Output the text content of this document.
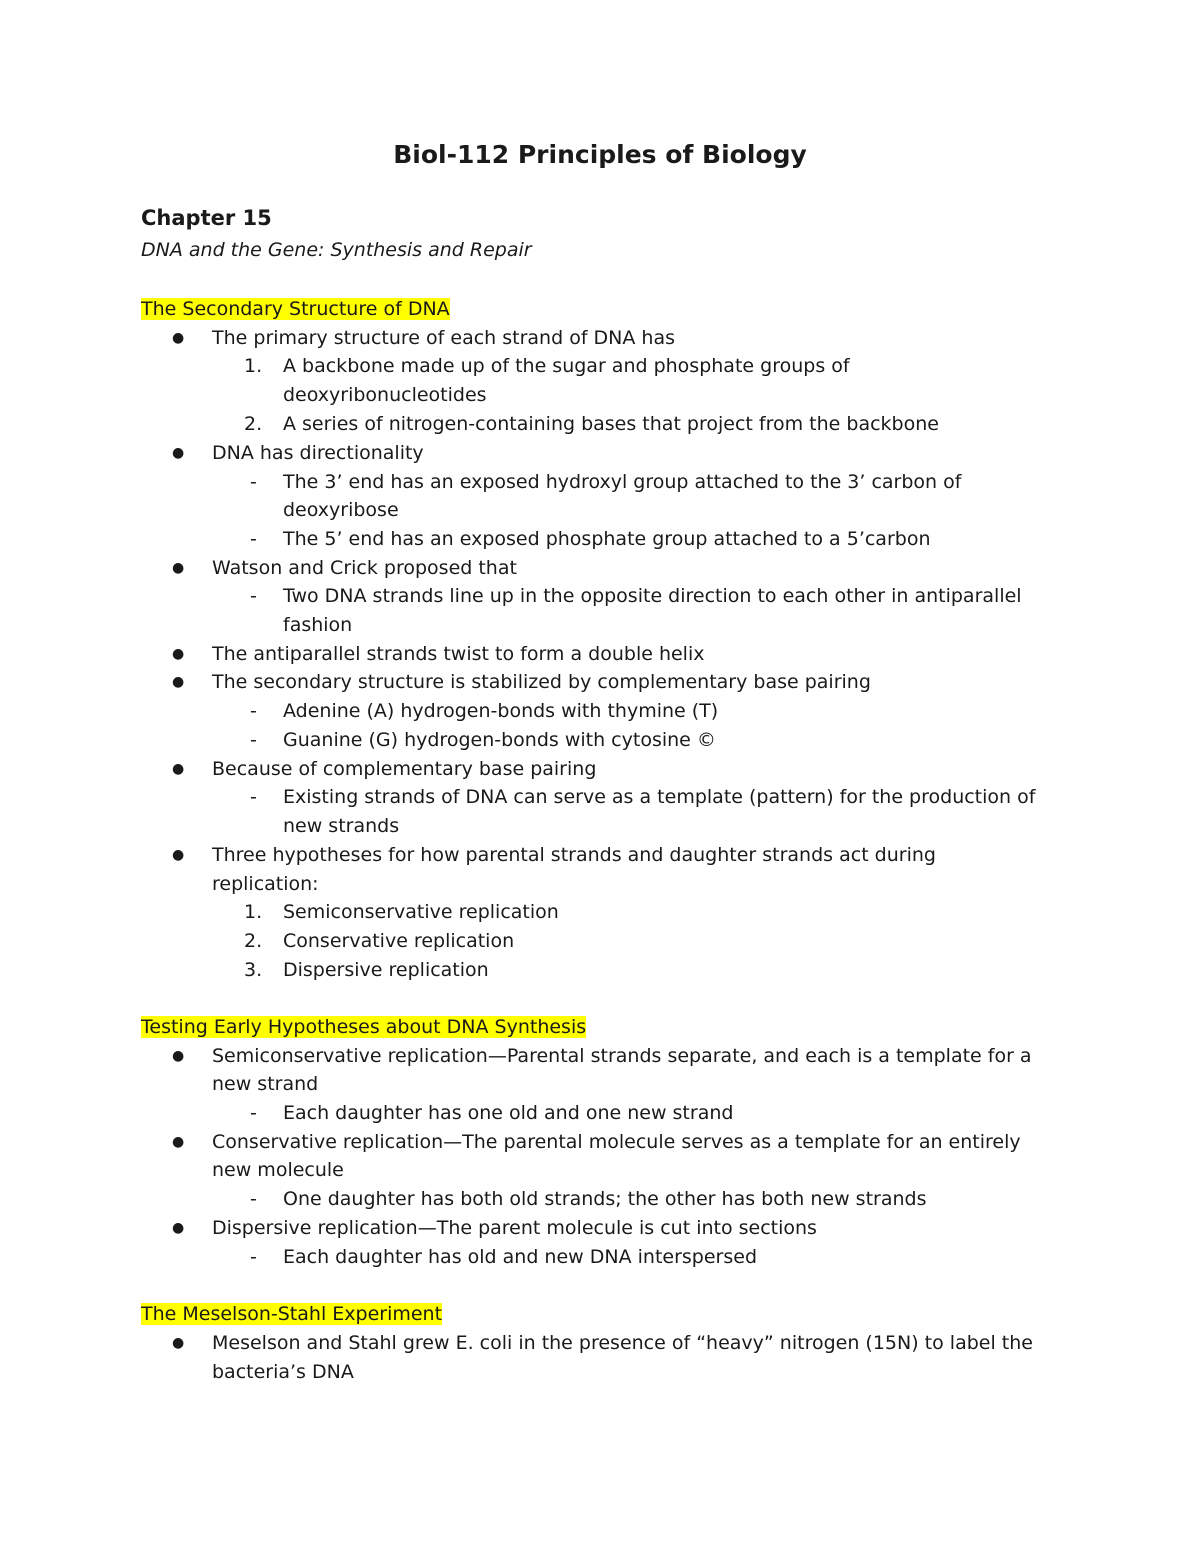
Biol-112 Principles of Biology
Chapter 15
DNA and the Gene: Synthesis and Repair
The Secondary Structure of DNA
● The primary structure of each strand of DNA has
1. A backbone made up of the sugar and phosphate groups of
deoxyribonucleotides
2. A series of nitrogen-containing bases that project from the backbone
● DNA has directionality
- The 3’ end has an exposed hydroxyl group attached to the 3’ carbon of
deoxyribose
- The 5’ end has an exposed phosphate group attached to a 5’carbon
● Watson and Crick proposed that
- Two DNA strands line up in the opposite direction to each other in antiparallel
fashion
● The antiparallel strands twist to form a double helix
● The secondary structure is stabilized by complementary base pairing
- Adenine (A) hydrogen-bonds with thymine (T)
- Guanine (G) hydrogen-bonds with cytosine ©
● Because of complementary base pairing
- Existing strands of DNA can serve as a template (pattern) for the production of
new strands
● Three hypotheses for how parental strands and daughter strands act during
replication:
1. Semiconservative replication
2. Conservative replication
3. Dispersive replication
Testing Early Hypotheses about DNA Synthesis
● Semiconservative replication—Parental strands separate, and each is a template for a
new strand
- Each daughter has one old and one new strand
● Conservative replication—The parental molecule serves as a template for an entirely
new molecule
- One daughter has both old strands; the other has both new strands
● Dispersive replication—The parent molecule is cut into sections
- Each daughter has old and new DNA interspersed
The Meselson-Stahl Experiment
● Meselson and Stahl grew E. coli in the presence of “heavy” nitrogen (15N) to label the
bacteria’s DNA
